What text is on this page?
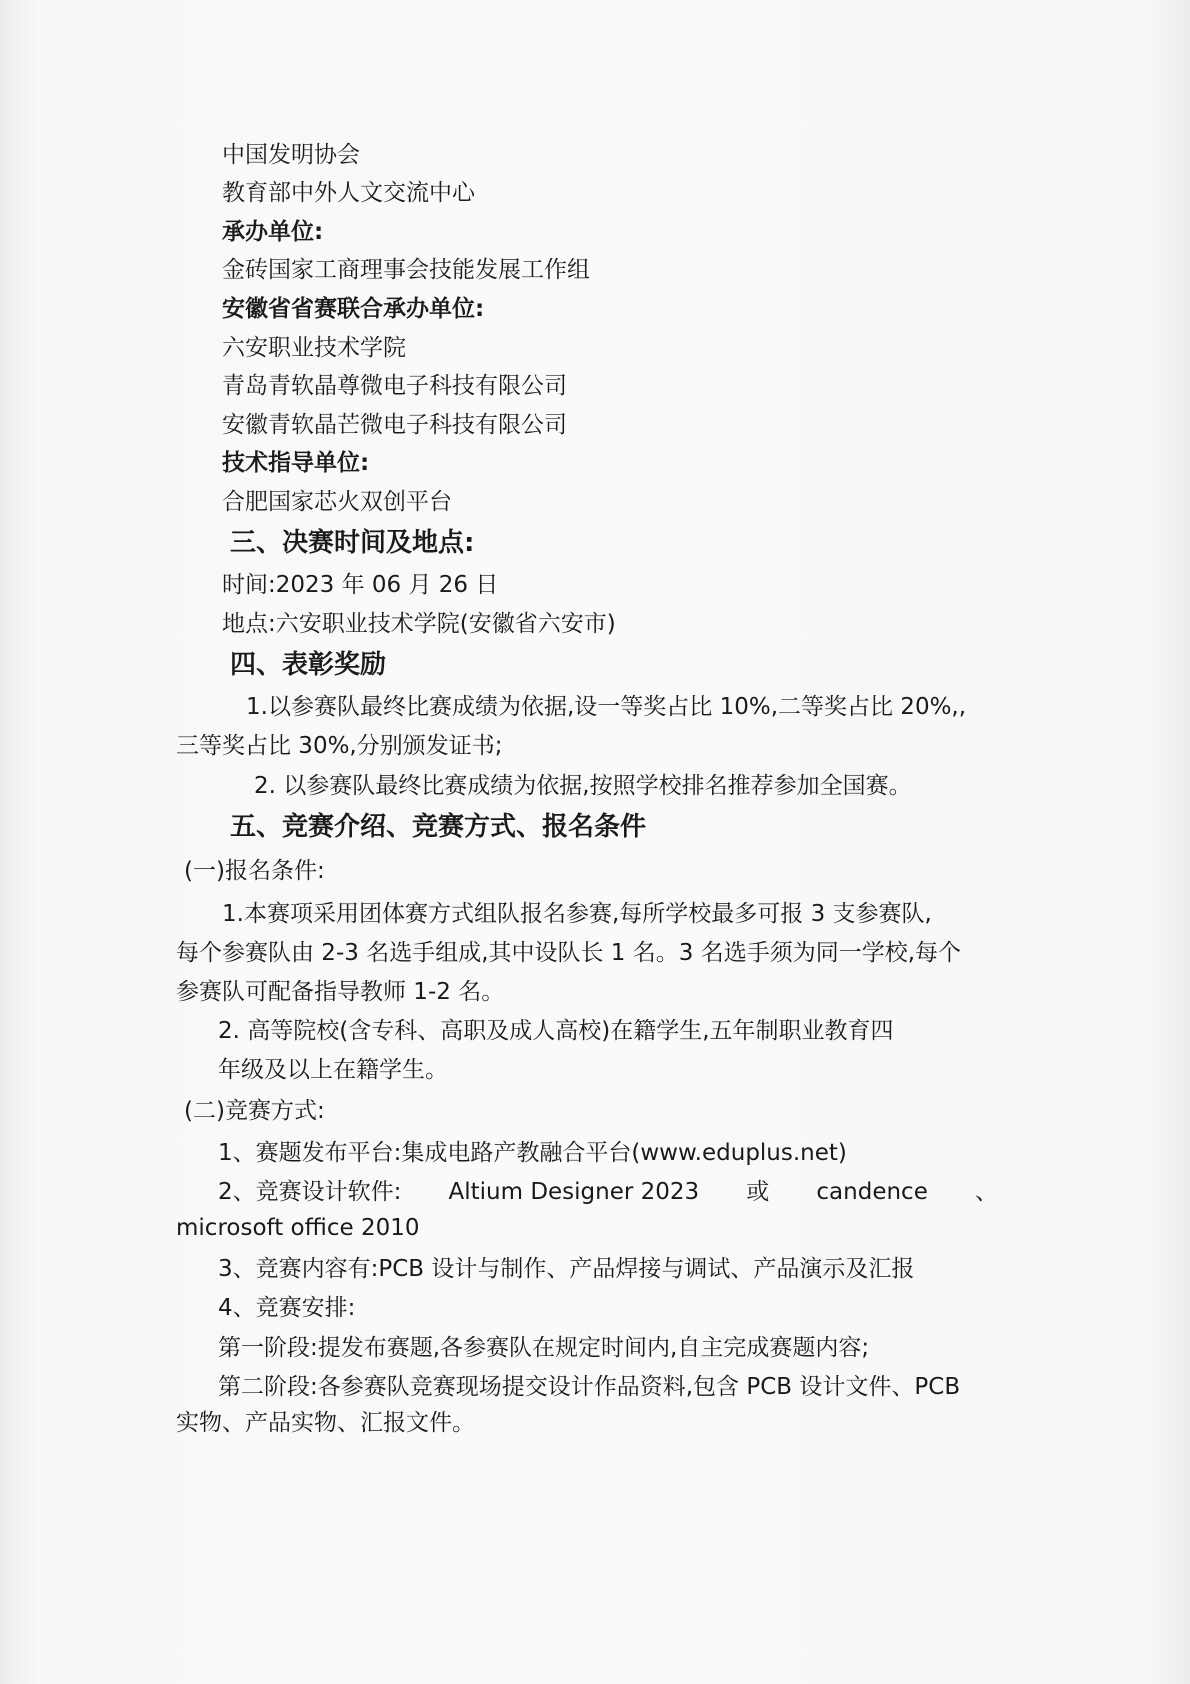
中国发明协会
教育部中外人文交流中心
承办单位:
金砖国家工商理事会技能发展工作组
安徽省省赛联合承办单位:
六安职业技术学院
青岛青软晶尊微电子科技有限公司
安徽青软晶芒微电子科技有限公司
技术指导单位:
合肥国家芯火双创平台
三、决赛时间及地点:
时间:2023 年 06 月 26 日
地点:六安职业技术学院(安徽省六安市)
四、表彰奖励
1.以参赛队最终比赛成绩为依据,设一等奖占比 10%,二等奖占比 20%,,
三等奖占比 30%,分别颁发证书;
2. 以参赛队最终比赛成绩为依据,按照学校排名推荐参加全国赛。
五、竞赛介绍、竞赛方式、报名条件
(一)报名条件:
1.本赛项采用团体赛方式组队报名参赛,每所学校最多可报 3 支参赛队,
每个参赛队由 2-3 名选手组成,其中设队长 1 名。3 名选手须为同一学校,每个
参赛队可配备指导教师 1-2 名。
2. 高等院校(含专科、高职及成人高校)在籍学生,五年制职业教育四
年级及以上在籍学生。
(二)竞赛方式:
1、赛题发布平台:集成电路产教融合平台(www.eduplus.net)
2、竞赛设计软件: Altium Designer 2023 或 candence 、
microsoft office 2010
3、竞赛内容有:PCB 设计与制作、产品焊接与调试、产品演示及汇报
4、竞赛安排:
第一阶段:提发布赛题,各参赛队在规定时间内,自主完成赛题内容;
第二阶段:各参赛队竞赛现场提交设计作品资料,包含 PCB 设计文件、PCB
实物、产品实物、汇报文件。
